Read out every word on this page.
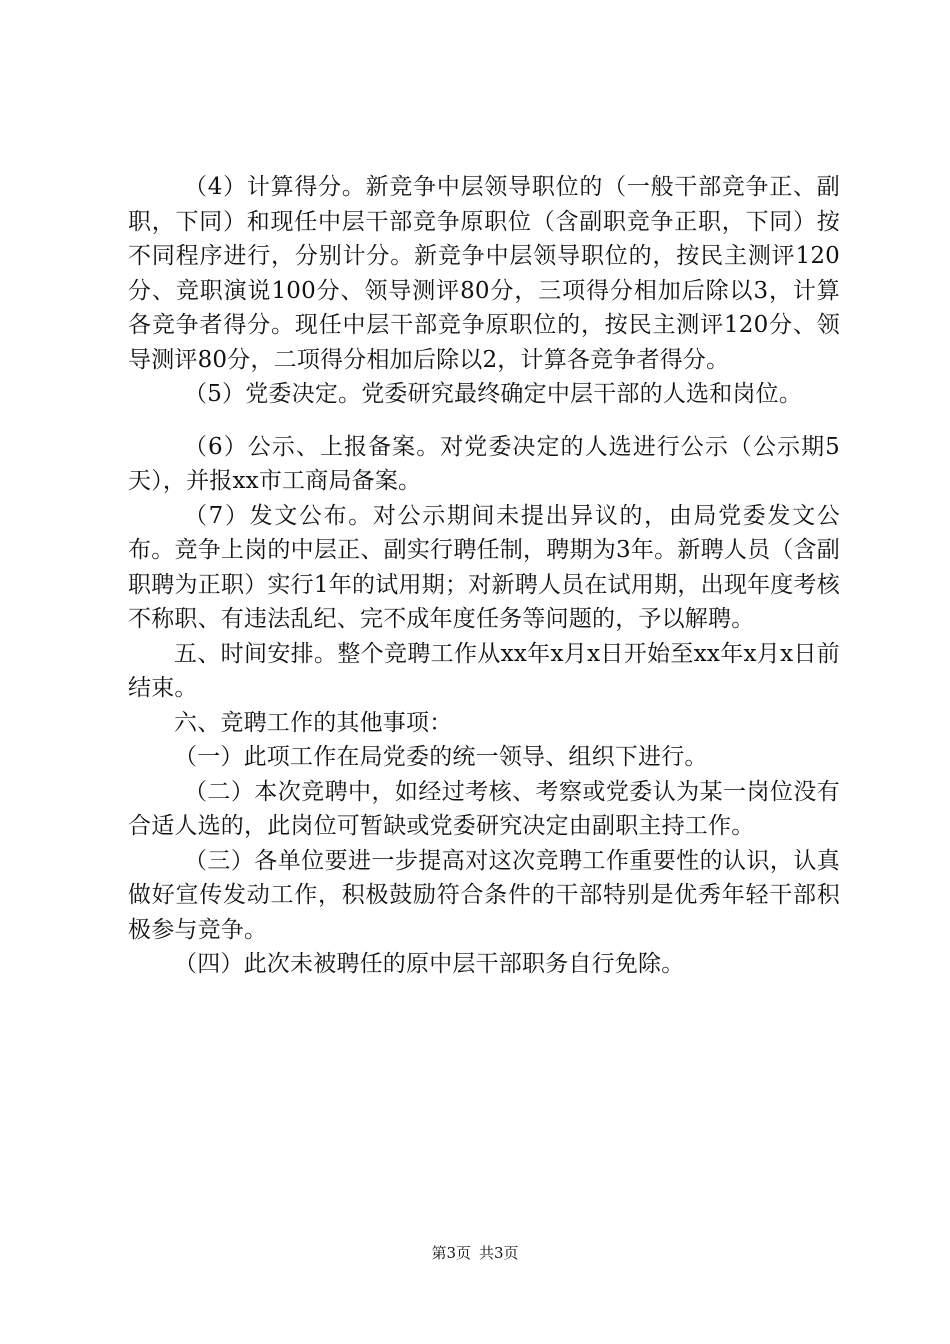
（4）计算得分。新竞争中层领导职位的（一般干部竞争正、副职，下同）和现任中层干部竞争原职位（含副职竞争正职，下同）按不同程序进行，分别计分。新竞争中层领导职位的，按民主测评120分、竞职演说100分、领导测评80分，三项得分相加后除以3，计算各竞争者得分。现任中层干部竞争原职位的，按民主测评120分、领导测评80分，二项得分相加后除以2，计算各竞争者得分。

（5）党委决定。党委研究最终确定中层干部的人选和岗位。

（6）公示、上报备案。对党委决定的人选进行公示（公示期5天），并报xx市工商局备案。

（7）发文公布。对公示期间未提出异议的，由局党委发文公布。竞争上岗的中层正、副实行聘任制，聘期为3年。新聘人员（含副职聘为正职）实行1年的试用期；对新聘人员在试用期，出现年度考核不称职、有违法乱纪、完不成年度任务等问题的，予以解聘。

五、时间安排。整个竞聘工作从xx年x月x日开始至xx年x月x日前结束。

六、竞聘工作的其他事项：

（一）此项工作在局党委的统一领导、组织下进行。

（二）本次竞聘中，如经过考核、考察或党委认为某一岗位没有合适人选的，此岗位可暂缺或党委研究决定由副职主持工作。

（三）各单位要进一步提高对这次竞聘工作重要性的认识，认真做好宣传发动工作，积极鼓励符合条件的干部特别是优秀年轻干部积极参与竞争。

（四）此次未被聘任的原中层干部职务自行免除。

第3页 共3页
